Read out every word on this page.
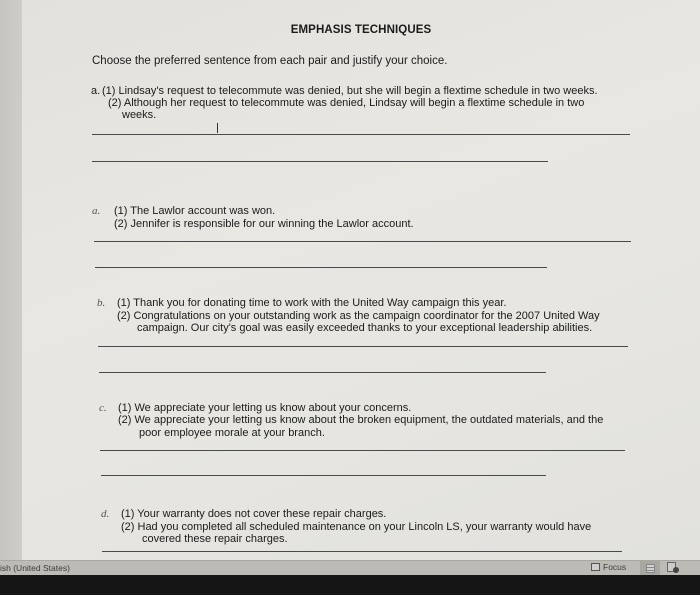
EMPHASIS TECHNIQUES
Choose the preferred sentence from each pair and justify your choice.
a. (1) Lindsay's request to telecommute was denied, but she will begin a flextime schedule in two weeks.
(2) Although her request to telecommute was denied, Lindsay will begin a flextime schedule in two
weeks.
a. (1) The Lawlor account was won.
(2) Jennifer is responsible for our winning the Lawlor account.
b. (1) Thank you for donating time to work with the United Way campaign this year.
(2) Congratulations on your outstanding work as the campaign coordinator for the 2007 United Way
campaign. Our city's goal was easily exceeded thanks to your exceptional leadership abilities.
c. (1) We appreciate your letting us know about your concerns.
(2) We appreciate your letting us know about the broken equipment, the outdated materials, and the
poor employee morale at your branch.
d. (1) Your warranty does not cover these repair charges.
(2) Had you completed all scheduled maintenance on your Lincoln LS, your warranty would have
covered these repair charges.
ish (United States)	Focus
